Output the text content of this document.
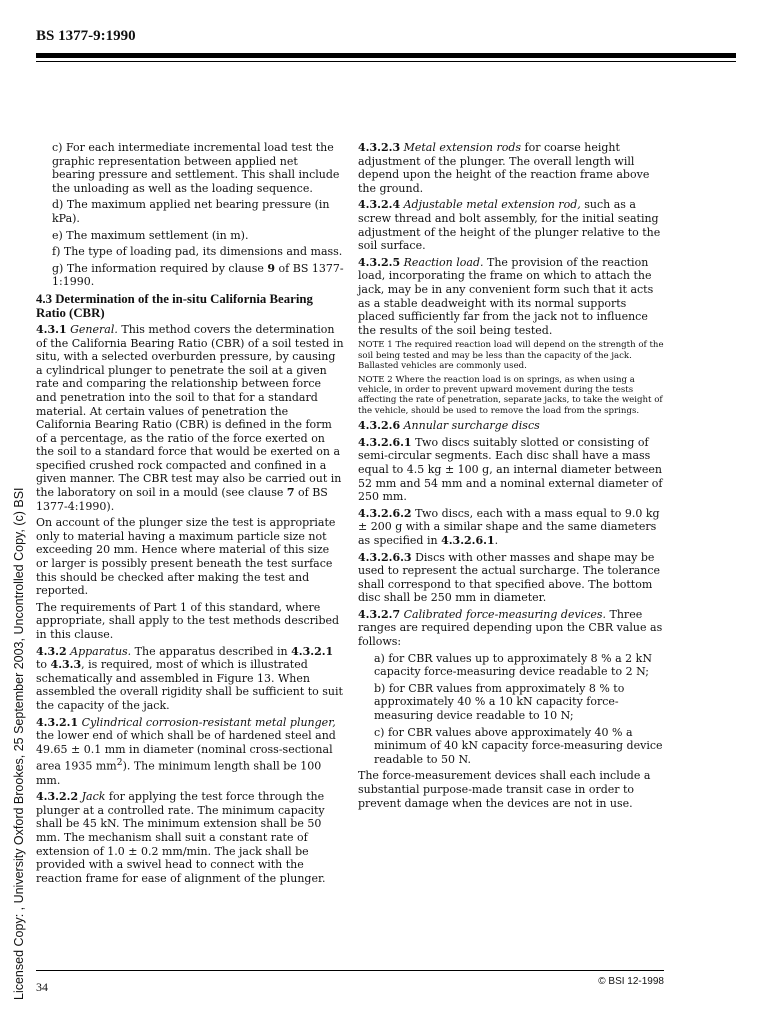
BS 1377-9:1990
Licensed Copy: , University Oxford Brookes, 25 September 2003, Uncontrolled Copy, (c) BSI

c) For each intermediate incremental load test the graphic representation between applied net bearing pressure and settlement. This shall include the unloading as well as the loading sequence.

d) The maximum applied net bearing pressure (in kPa).

e) The maximum settlement (in m).

f) The type of loading pad, its dimensions and mass.

g) The information required by clause 9 of BS 1377-1:1990.

4.3 Determination of the in-situ California Bearing Ratio (CBR)

4.3.1 General. This method covers the determination of the California Bearing Ratio (CBR) of a soil tested in situ, with a selected overburden pressure, by causing a cylindrical plunger to penetrate the soil at a given rate and comparing the relationship between force and penetration into the soil to that for a standard material. At certain values of penetration the California Bearing Ratio (CBR) is defined in the form of a percentage, as the ratio of the force exerted on the soil to a standard force that would be exerted on a specified crushed rock compacted and confined in a given manner. The CBR test may also be carried out in the laboratory on soil in a mould (see clause 7 of BS 1377-4:1990).

On account of the plunger size the test is appropriate only to material having a maximum particle size not exceeding 20 mm. Hence where material of this size or larger is possibly present beneath the test surface this should be checked after making the test and reported.

The requirements of Part 1 of this standard, where appropriate, shall apply to the test methods described in this clause.

4.3.2 Apparatus. The apparatus described in 4.3.2.1 to 4.3.3, is required, most of which is illustrated schematically and assembled in Figure 13. When assembled the overall rigidity shall be sufficient to suit the capacity of the jack.

4.3.2.1 Cylindrical corrosion-resistant metal plunger, the lower end of which shall be of hardened steel and 49.65 ± 0.1 mm in diameter (nominal cross-sectional area 1935 $mm^2$). The minimum length shall be 100 mm.

4.3.2.2 Jack for applying the test force through the plunger at a controlled rate. The minimum capacity shall be 45 kN. The minimum extension shall be 50 mm. The mechanism shall suit a constant rate of extension of 1.0 ± 0.2 mm/min. The jack shall be provided with a swivel head to connect with the reaction frame for ease of alignment of the plunger.

4.3.2.3 Metal extension rods for coarse height adjustment of the plunger. The overall length will depend upon the height of the reaction frame above the ground.

4.3.2.4 Adjustable metal extension rod, such as a screw thread and bolt assembly, for the initial seating adjustment of the height of the plunger relative to the soil surface.

4.3.2.5 Reaction load. The provision of the reaction load, incorporating the frame on which to attach the jack, may be in any convenient form such that it acts as a stable deadweight with its normal supports placed sufficiently far from the jack not to influence the results of the soil being tested.

NOTE 1 The required reaction load will depend on the strength of the soil being tested and may be less than the capacity of the jack. Ballasted vehicles are commonly used.

NOTE 2 Where the reaction load is on springs, as when using a vehicle, in order to prevent upward movement during the tests affecting the rate of penetration, separate jacks, to take the weight of the vehicle, should be used to remove the load from the springs.

4.3.2.6 Annular surcharge discs

4.3.2.6.1 Two discs suitably slotted or consisting of semi-circular segments. Each disc shall have a mass equal to 4.5 kg ± 100 g, an internal diameter between 52 mm and 54 mm and a nominal external diameter of 250 mm.

4.3.2.6.2 Two discs, each with a mass equal to 9.0 kg ± 200 g with a similar shape and the same diameters as specified in 4.3.2.6.1.

4.3.2.6.3 Discs with other masses and shape may be used to represent the actual surcharge. The tolerance shall correspond to that specified above. The bottom disc shall be 250 mm in diameter.

4.3.2.7 Calibrated force-measuring devices. Three ranges are required depending upon the CBR value as follows:

a) for CBR values up to approximately 8 % a 2 kN capacity force-measuring device readable to 2 N;

b) for CBR values from approximately 8 % to approximately 40 % a 10 kN capacity force-measuring device readable to 10 N;

c) for CBR values above approximately 40 % a minimum of 40 kN capacity force-measuring device readable to 50 N.

The force-measurement devices shall each include a substantial purpose-made transit case in order to prevent damage when the devices are not in use.

34	© BSI 12-1998
